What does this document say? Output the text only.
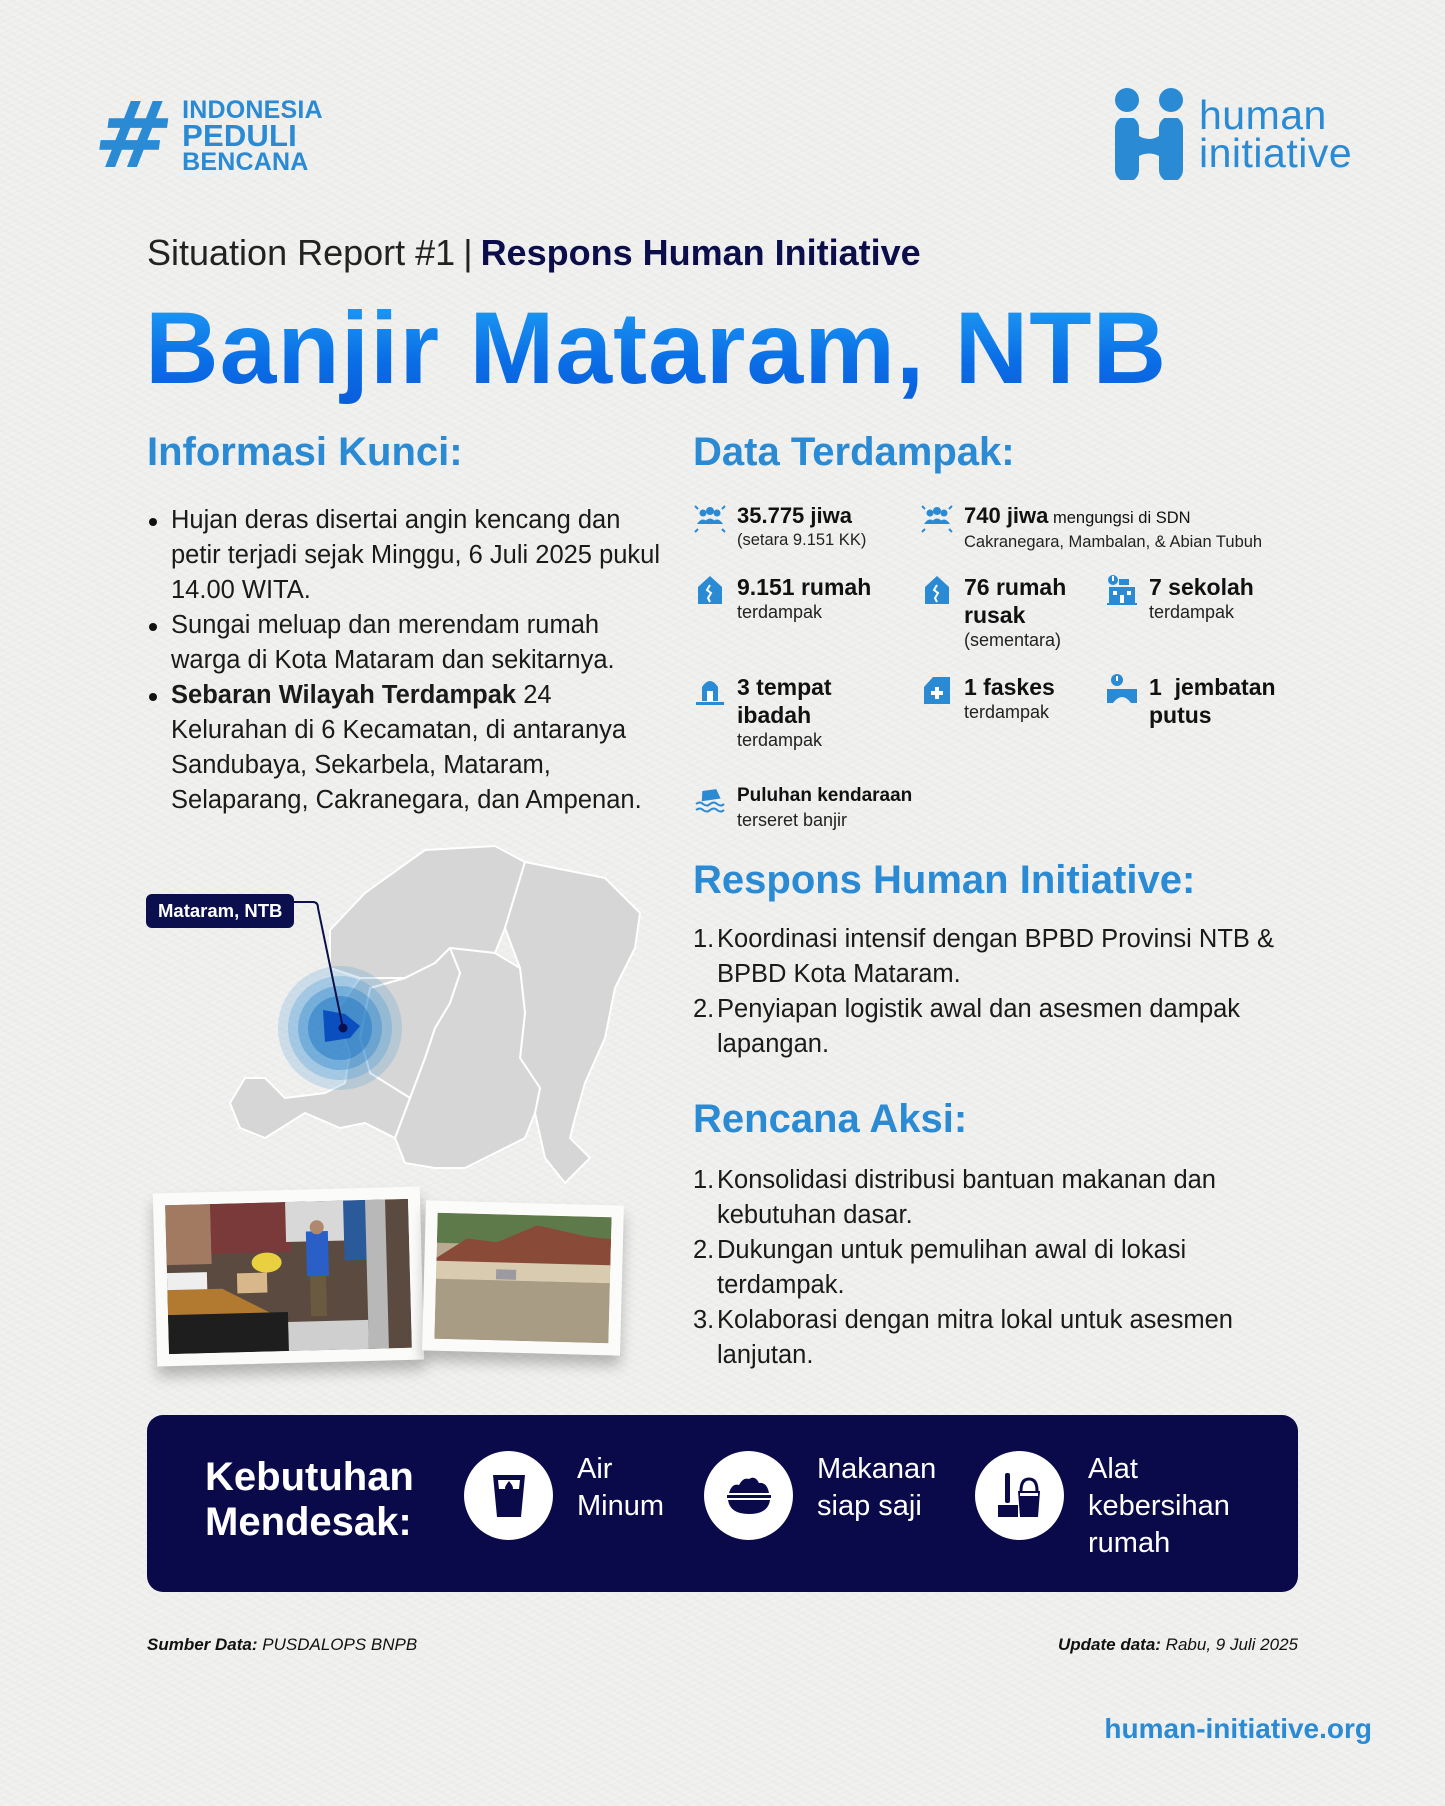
# INDONESIA
PEDULI
BENCANA
human
initiative
Situation Report #1 | Respons Human Initiative
Banjir Mataram, NTB
Informasi Kunci:
Hujan deras disertai angin kencang dan petir terjadi sejak Minggu, 6 Juli 2025 pukul 14.00 WITA.
Sungai meluap dan merendam rumah warga di Kota Mataram dan sekitarnya.
Sebaran Wilayah Terdampak 24 Kelurahan di 6 Kecamatan, di antaranya Sandubaya, Sekarbela, Mataram, Selaparang, Cakranegara, dan Ampenan.
Mataram, NTB
Data Terdampak:
35.775 jiwa
(setara 9.151 KK)
740 jiwa mengungsi di SDN
Cakranegara, Mambalan, & Abian Tubuh
9.151 rumah
terdampak
76 rumah rusak
(sementara)
7 sekolah
terdampak
3 tempat ibadah
terdampak
1 faskes
terdampak
1  jembatan putus
Puluhan kendaraan
terseret banjir
Respons Human Initiative:
1. Koordinasi intensif dengan BPBD Provinsi NTB & BPBD Kota Mataram.
2. Penyiapan logistik awal dan asesmen dampak lapangan.
Rencana Aksi:
1. Konsolidasi distribusi bantuan makanan dan kebutuhan dasar.
2. Dukungan untuk pemulihan awal di lokasi terdampak.
3. Kolaborasi dengan mitra lokal untuk asesmen lanjutan.
Kebutuhan
Mendesak:
Air
Minum
Makanan
siap saji
Alat
kebersihan
rumah
Sumber Data: PUSDALOPS BNPB	Update data: Rabu, 9 Juli 2025
human-initiative.org
